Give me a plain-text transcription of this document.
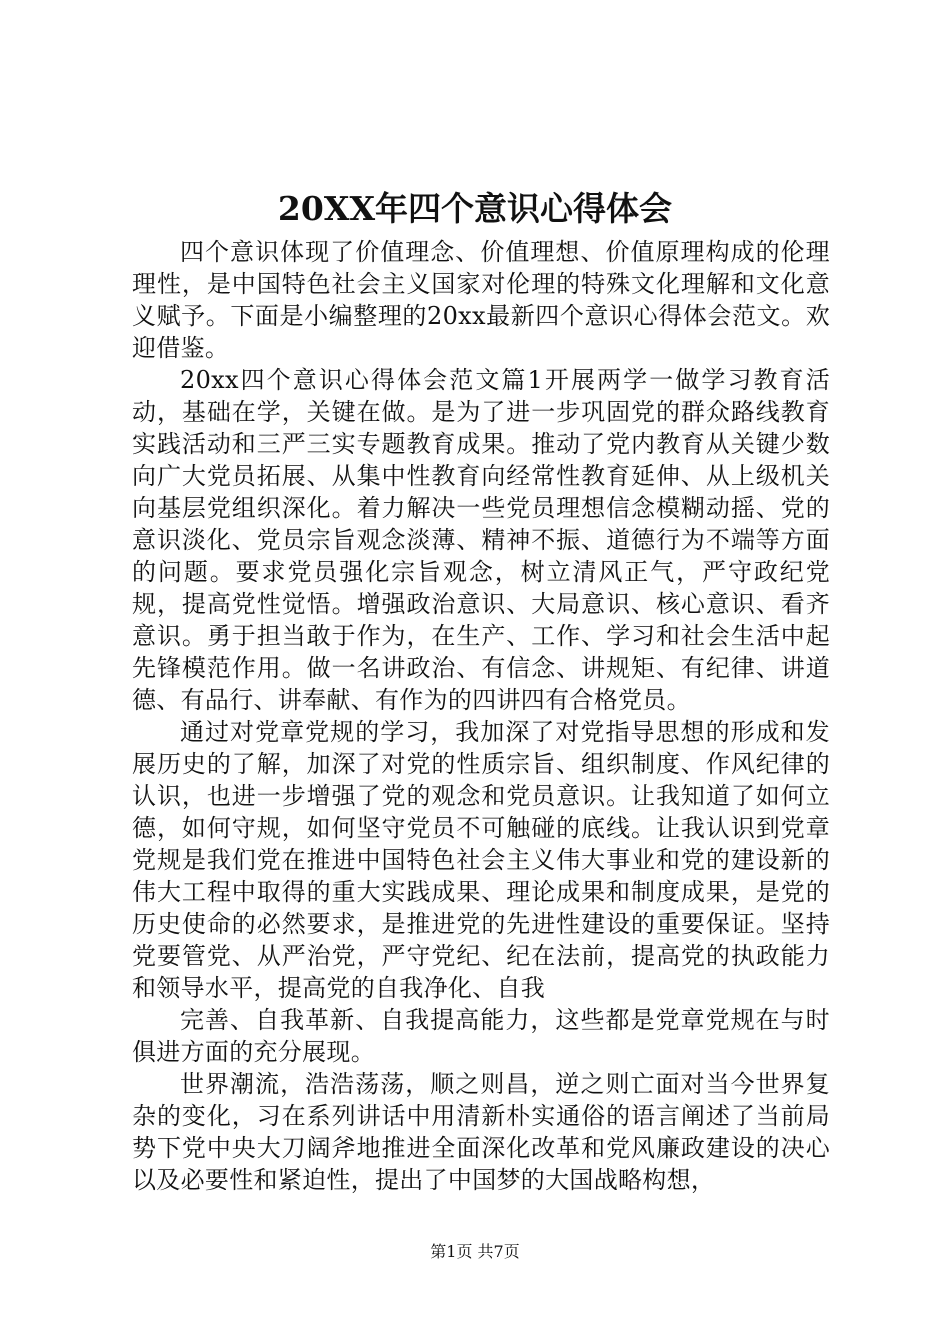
20XX年四个意识心得体会

四个意识体现了价值理念、价值理想、价值原理构成的伦理理性，是中国特色社会主义国家对伦理的特殊文化理解和文化意义赋予。下面是小编整理的20xx最新四个意识心得体会范文。欢迎借鉴。

20xx四个意识心得体会范文篇1开展两学一做学习教育活动，基础在学，关键在做。是为了进一步巩固党的群众路线教育实践活动和三严三实专题教育成果。推动了党内教育从关键少数向广大党员拓展、从集中性教育向经常性教育延伸、从上级机关向基层党组织深化。着力解决一些党员理想信念模糊动摇、党的意识淡化、党员宗旨观念淡薄、精神不振、道德行为不端等方面的问题。要求党员强化宗旨观念，树立清风正气，严守政纪党规，提高党性觉悟。增强政治意识、大局意识、核心意识、看齐意识。勇于担当敢于作为，在生产、工作、学习和社会生活中起先锋模范作用。做一名讲政治、有信念、讲规矩、有纪律、讲道德、有品行、讲奉献、有作为的四讲四有合格党员。

通过对党章党规的学习，我加深了对党指导思想的形成和发展历史的了解，加深了对党的性质宗旨、组织制度、作风纪律的认识，也进一步增强了党的观念和党员意识。让我知道了如何立德，如何守规，如何坚守党员不可触碰的底线。让我认识到党章党规是我们党在推进中国特色社会主义伟大事业和党的建设新的伟大工程中取得的重大实践成果、理论成果和制度成果，是党的历史使命的必然要求，是推进党的先进性建设的重要保证。坚持党要管党、从严治党，严守党纪、纪在法前，提高党的执政能力和领导水平，提高党的自我净化、自我

完善、自我革新、自我提高能力，这些都是党章党规在与时俱进方面的充分展现。

世界潮流，浩浩荡荡，顺之则昌，逆之则亡面对当今世界复杂的变化，习在系列讲话中用清新朴实通俗的语言阐述了当前局势下党中央大刀阔斧地推进全面深化改革和党风廉政建设的决心以及必要性和紧迫性，提出了中国梦的大国战略构想，

第1页 共7页
